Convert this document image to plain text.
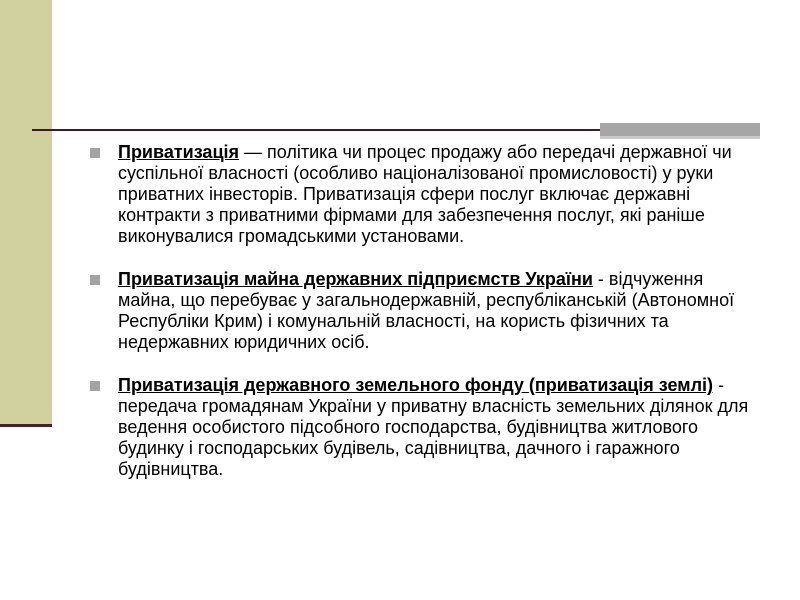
Приватизація — політика чи процес продажу або передачі державної чи суспільної власності (особливо націоналізованої промисловості) у руки приватних інвесторів. Приватизація сфери послуг включає державні контракти з приватними фірмами для забезпечення послуг, які раніше виконувалися громадськими установами.
Приватизація майна державних підприємств України - відчуження майна, що перебуває у загальнодержавній, республіканській (Автономної Республіки Крим) і комунальній власності, на користь фізичних та недержавних юридичних осіб.
Приватизація державного земельного фонду (приватизація землі) - передача громадянам України у приватну власність земельних ділянок для ведення особистого підсобного господарства, будівництва житлового будинку і господарських будівель, садівництва, дачного і гаражного будівництва.
